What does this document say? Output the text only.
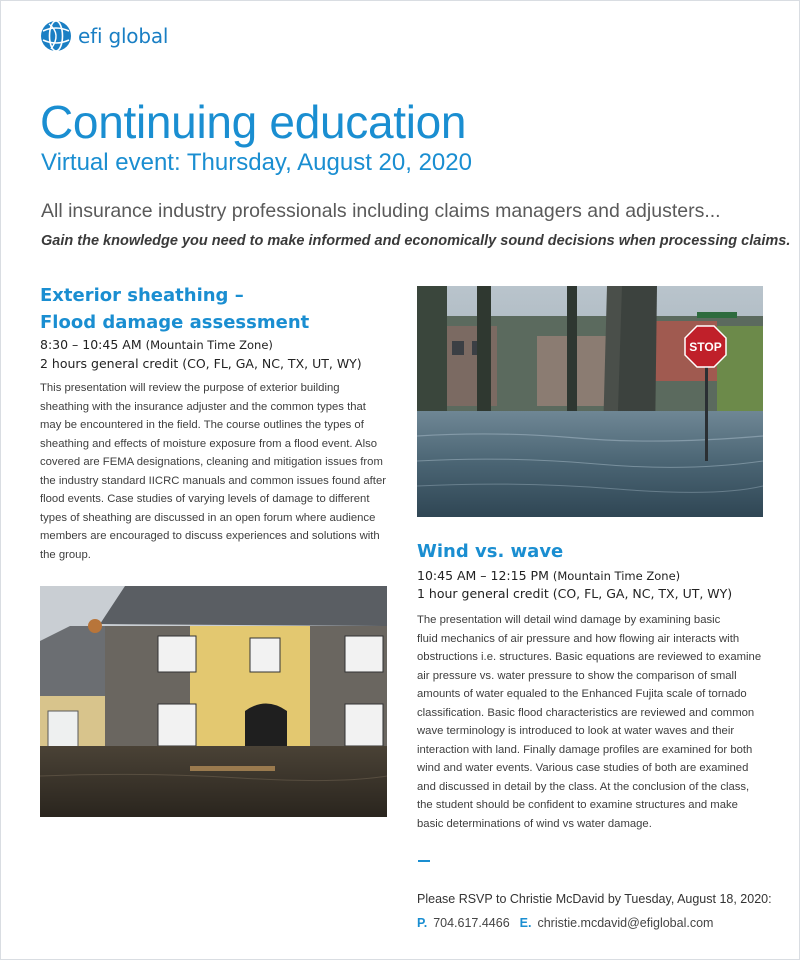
efi global
Continuing education
Virtual event: Thursday, August 20, 2020
All insurance industry professionals including claims managers and adjusters...
Gain the knowledge you need to make informed and economically sound decisions when processing claims.
Exterior sheathing –
Flood damage assessment
8:30 – 10:45 AM (Mountain Time Zone)
2 hours general credit (CO, FL, GA, NC, TX, UT, WY)
This presentation will review the purpose of exterior building
sheathing with the insurance adjuster and the common types that
may be encountered in the field. The course outlines the types of
sheathing and effects of moisture exposure from a flood event. Also
covered are FEMA designations, cleaning and mitigation issues from
the industry standard IICRC manuals and common issues found after
flood events. Case studies of varying levels of damage to different
types of sheathing are discussed in an open forum where audience
members are encouraged to discuss experiences and solutions with
the group.
STOP
Wind vs. wave
10:45 AM – 12:15 PM (Mountain Time Zone)
1 hour general credit (CO, FL, GA, NC, TX, UT, WY)
The presentation will detail wind damage by examining basic
fluid mechanics of air pressure and how flowing air interacts with
obstructions i.e. structures. Basic equations are reviewed to examine
air pressure vs. water pressure to show the comparison of small
amounts of water equaled to the Enhanced Fujita scale of tornado
classification. Basic flood characteristics are reviewed and common
wave terminology is introduced to look at water waves and their
interaction with land. Finally damage profiles are examined for both
wind and water events. Various case studies of both are examined
and discussed in detail by the class. At the conclusion of the class,
the student should be confident to examine structures and make
basic determinations of wind vs water damage.
Please RSVP to Christie McDavid by Tuesday, August 18, 2020:
P. 704.617.4466 E. christie.mcdavid@efiglobal.com
